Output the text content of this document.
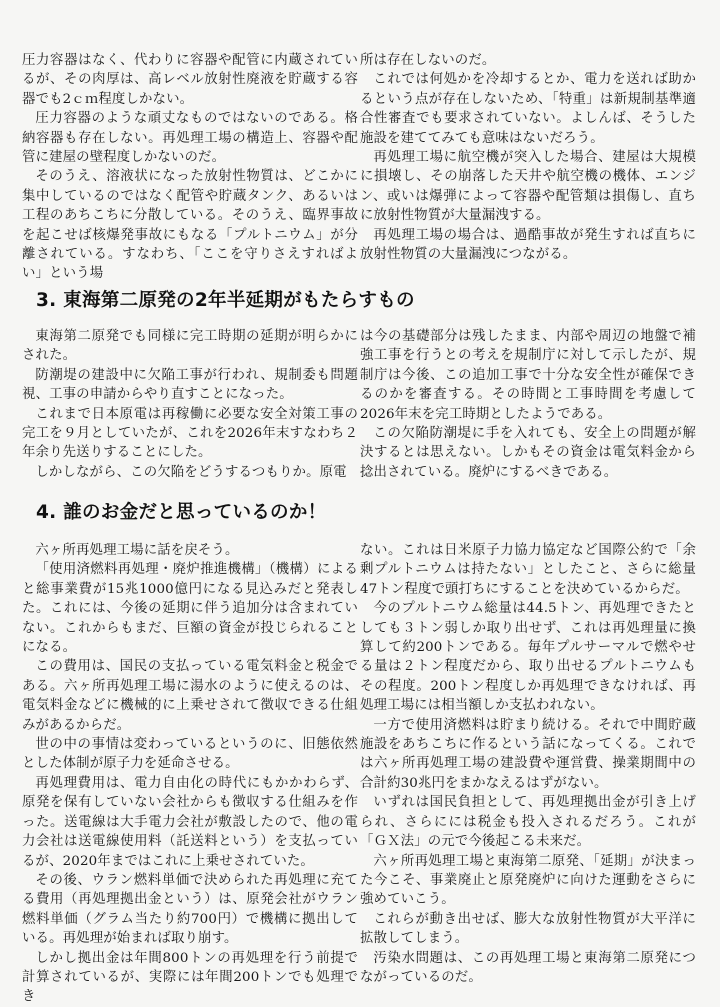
圧力容器はなく、代わりに容器や配管に内蔵されているが、その肉厚は、高レベル放射性廃液を貯蔵する容器でも2ｃｍ程度しかない。

圧力容器のような頑丈なものではないのである。格納容器も存在しない。再処理工場の構造上、容器や配管に建屋の壁程度しかないのだ。

そのうえ、溶液状になった放射性物質は、どこかに集中しているのではなく配管や貯蔵タンク、あるいは工程のあちこちに分散している。そのうえ、臨界事故を起こせば核爆発事故にもなる「プルトニウム」が分離されている。すなわち、「ここを守りさえすればよい」という場

所は存在しないのだ。

これでは何処かを冷却するとか、電力を送れば助かるという点が存在しないため、「特重」は新規制基準適合性審査でも要求されていない。よしんば、そうした施設を建ててみても意味はないだろう。

再処理工場に航空機が突入した場合、建屋は大規模に損壊し、その崩落した天井や航空機の機体、エンジン、或いは爆弾によって容器や配管類は損傷し、直ちに放射性物質が大量漏洩する。

再処理工場の場合は、過酷事故が発生すれば直ちに放射性物質の大量漏洩につながる。

3. 東海第二原発の2年半延期がもたらすもの

東海第二原発でも同様に完工時期の延期が明らかにされた。

防潮堤の建設中に欠陥工事が行われ、規制委も問題視、工事の申請からやり直すことになった。

これまで日本原電は再稼働に必要な安全対策工事の完工を９月としていたが、これを2026年末すなわち２年余り先送りすることにした。

しかしながら、この欠陥をどうするつもりか。原電

は今の基礎部分は残したまま、内部や周辺の地盤で補強工事を行うとの考えを規制庁に対して示したが、規制庁は今後、この追加工事で十分な安全性が確保できるのかを審査する。その時間と工事時間を考慮して2026年末を完工時期としたようである。

この欠陥防潮堤に手を入れても、安全上の問題が解決するとは思えない。しかもその資金は電気料金から捻出されている。廃炉にするべきである。

4. 誰のお金だと思っているのか！

六ヶ所再処理工場に話を戻そう。

「使用済燃料再処理・廃炉推進機構」（機構）によると総事業費が15兆1000億円になる見込みだと発表した。これには、今後の延期に伴う追加分は含まれていない。これからもまだ、巨額の資金が投じられることになる。

この費用は、国民の支払っている電気料金と税金である。六ヶ所再処理工場に湯水のように使えるのは、電気料金などに機械的に上乗せされて徴収できる仕組みがあるからだ。

世の中の事情は変わっているというのに、旧態依然とした体制が原子力を延命させる。

再処理費用は、電力自由化の時代にもかかわらず、原発を保有していない会社からも徴収する仕組みを作った。送電線は大手電力会社が敷設したので、他の電力会社は送電線使用料（託送料という）を支払っているが、2020年まではこれに上乗せされていた。

その後、ウラン燃料単価で決められた再処理に充てる費用（再処理拠出金という）は、原発会社がウラン燃料単価（グラム当たり約700円）で機構に拠出している。再処理が始まれば取り崩す。

しかし拠出金は年間800トンの再処理を行う前提で計算されているが、実際には年間200トンでも処理でき

ない。これは日米原子力協力協定など国際公約で「余剰プルトニウムは持たない」としたこと、さらに総量47トン程度で頭打ちにすることを決めているからだ。

今のプルトニウム総量は44.5トン、再処理できたとしても３トン弱しか取り出せず、これは再処理量に換算して約200トンである。毎年プルサーマルで燃やせる量は２トン程度だから、取り出せるプルトニウムもその程度。200トン程度しか再処理できなければ、再処理工場には相当額しか支払われない。

一方で使用済燃料は貯まり続ける。それで中間貯蔵施設をあちこちに作るという話になってくる。これでは六ヶ所再処理工場の建設費や運営費、操業期間中の合計約30兆円をまかなえるはずがない。

いずれは国民負担として、再処理拠出金が引き上げられ、さらにには税金も投入されるだろう。これが「ＧＸ法」の元で今後起こる未来だ。

六ヶ所再処理工場と東海第二原発、「延期」が決まった今こそ、事業廃止と原発廃炉に向けた運動をさらに強めていこう。

これらが動き出せば、膨大な放射性物質が大平洋に拡散してしまう。

汚染水問題は、この再処理工場と東海第二原発につながっているのだ。
